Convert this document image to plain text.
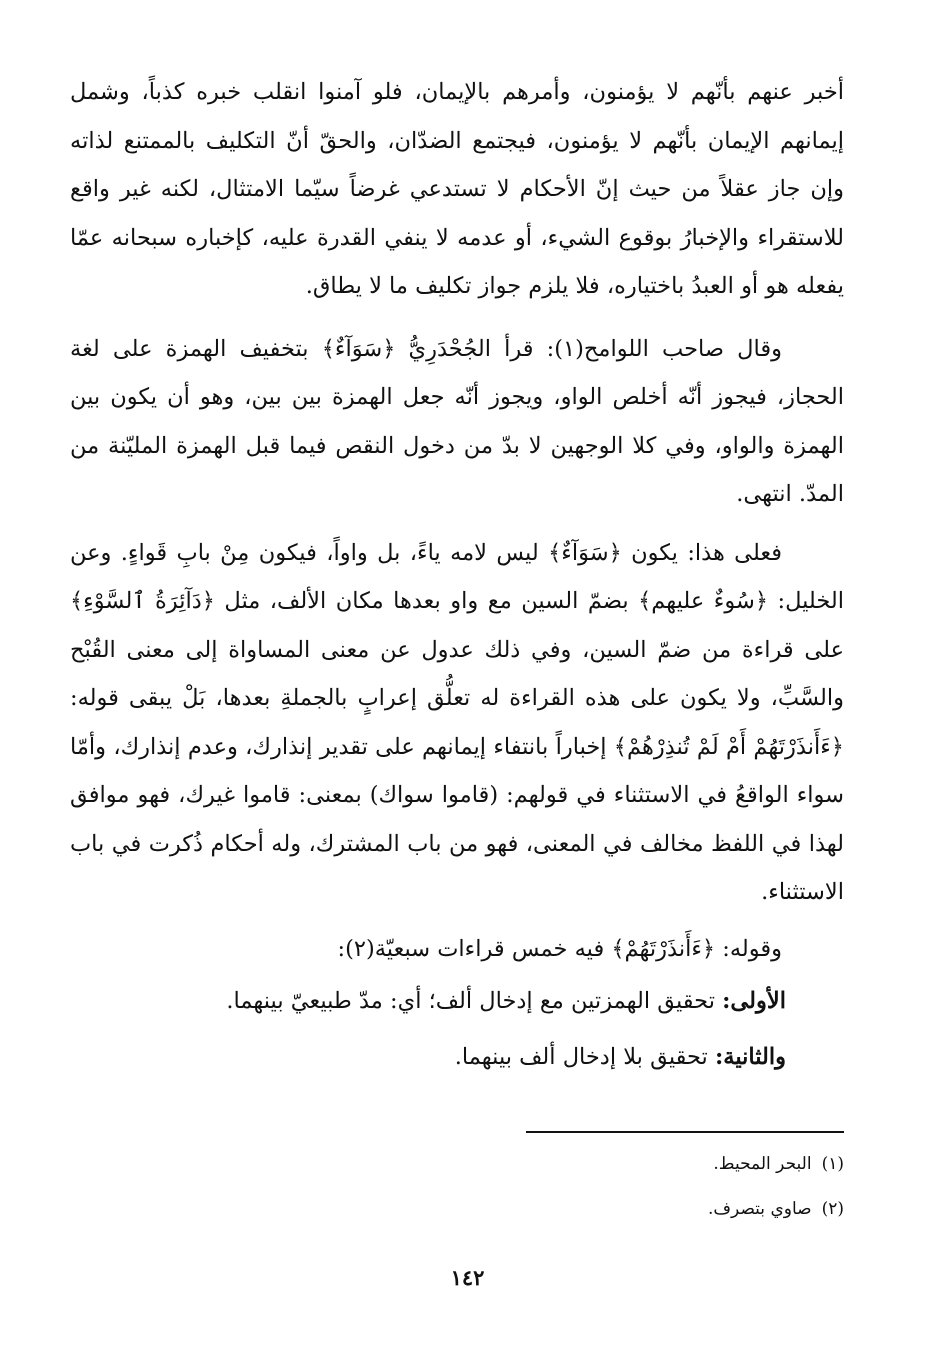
أخبر عنهم بأنّهم لا يؤمنون، وأمرهم بالإيمان، فلو آمنوا انقلب خبره كذباً، وشمل إيمانهم الإيمان بأنّهم لا يؤمنون، فيجتمع الضدّان، والحقّ أنّ التكليف بالممتنع لذاته وإن جاز عقلاً من حيث إنّ الأحكام لا تستدعي غرضاً سيّما الامتثال، لكنه غير واقع للاستقراء والإخبارُ بوقوع الشيء، أو عدمه لا ينفي القدرة عليه، كإخباره سبحانه عمّا يفعله هو أو العبدُ باختياره، فلا يلزم جواز تكليف ما لا يطاق.

وقال صاحب اللوامح(١): قرأ الجُحْدَرِيُّ ﴿سَوَآءٌ﴾ بتخفيف الهمزة على لغة الحجاز، فيجوز أنّه أخلص الواو، ويجوز أنّه جعل الهمزة بين بين، وهو أن يكون بين الهمزة والواو، وفي كلا الوجهين لا بدّ من دخول النقص فيما قبل الهمزة الملیّنة من المدّ. انتهى.

فعلى هذا: يكون ﴿سَوَآءٌ﴾ ليس لامه ياءً، بل واواً، فيكون مِنْ بابِ قَواءٍ. وعن الخليل: ﴿سُوءٌ عليهم﴾ بضمّ السين مع واو بعدها مكان الألف، مثل ﴿دَآئِرَةُ ٱلسَّوْءِ﴾ على قراءة من ضمّ السين، وفي ذلك عدول عن معنى المساواة إلى معنى القُبْح والسَّبِّ، ولا يكون على هذه القراءة له تعلُّق إعرابٍ بالجملةِ بعدها، بَلْ يبقى قوله: ﴿ءَأَنذَرْتَهُمْ أَمْ لَمْ تُنذِرْهُمْ﴾ إخباراً بانتفاء إيمانهم على تقدير إنذارك، وعدم إنذارك، وأمّا سواء الواقعُ في الاستثناء في قولهم: (قاموا سواك) بمعنى: قاموا غيرك، فهو موافق لهذا في اللفظ مخالف في المعنى، فهو من باب المشترك، وله أحكام ذُكرت في باب الاستثناء.

وقوله: ﴿ءَأَنذَرْتَهُمْ﴾ فيه خمس قراءات سبعيّة(٢):

الأولى: تحقيق الهمزتين مع إدخال ألف؛ أي: مدّ طبيعيّ بينهما.

والثانية: تحقيق بلا إدخال ألف بينهما.

(١)البحر المحيط.

(٢)صاوي بتصرف.

١٤٢
